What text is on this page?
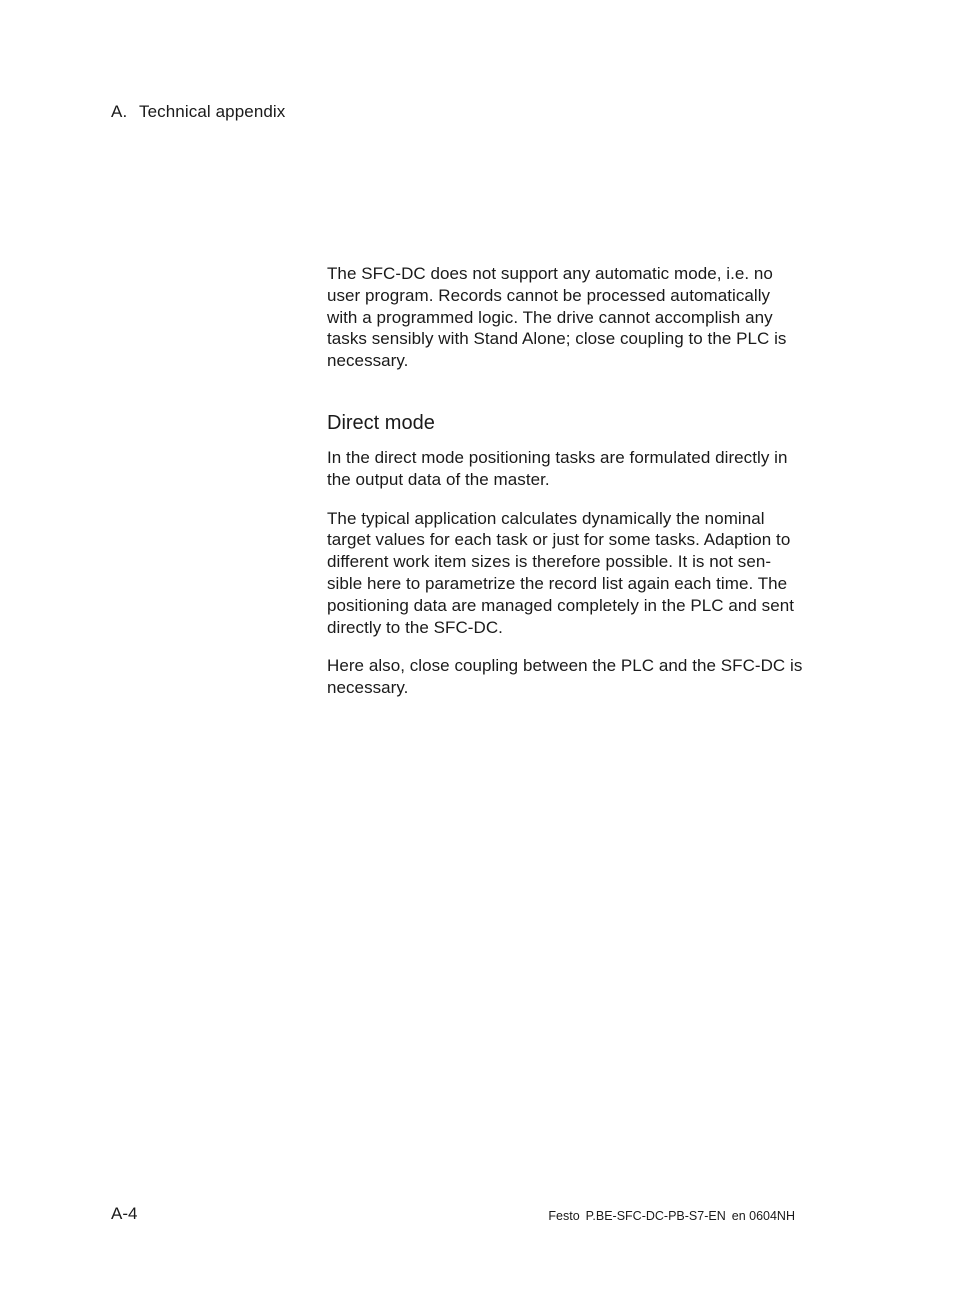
A. Technical appendix

The SFC-DC does not support any automatic mode, i.e. no
user program. Records cannot be processed automatically
with a programmed logic. The drive cannot accomplish any
tasks sensibly with Stand Alone; close coupling to the PLC is
necessary.

Direct mode

In the direct mode positioning tasks are formulated directly in
the output data of the master.

The typical application calculates dynamically the nominal
target values for each task or just for some tasks. Adaption to
different work item sizes is therefore possible. It is not sen-
sible here to parametrize the record list again each time. The
positioning data are managed completely in the PLC and sent
directly to the SFC-DC.

Here also, close coupling between the PLC and the SFC-DC is
necessary.

A-4	Festo P.BE-SFC-DC-PB-S7-EN en 0604NH
